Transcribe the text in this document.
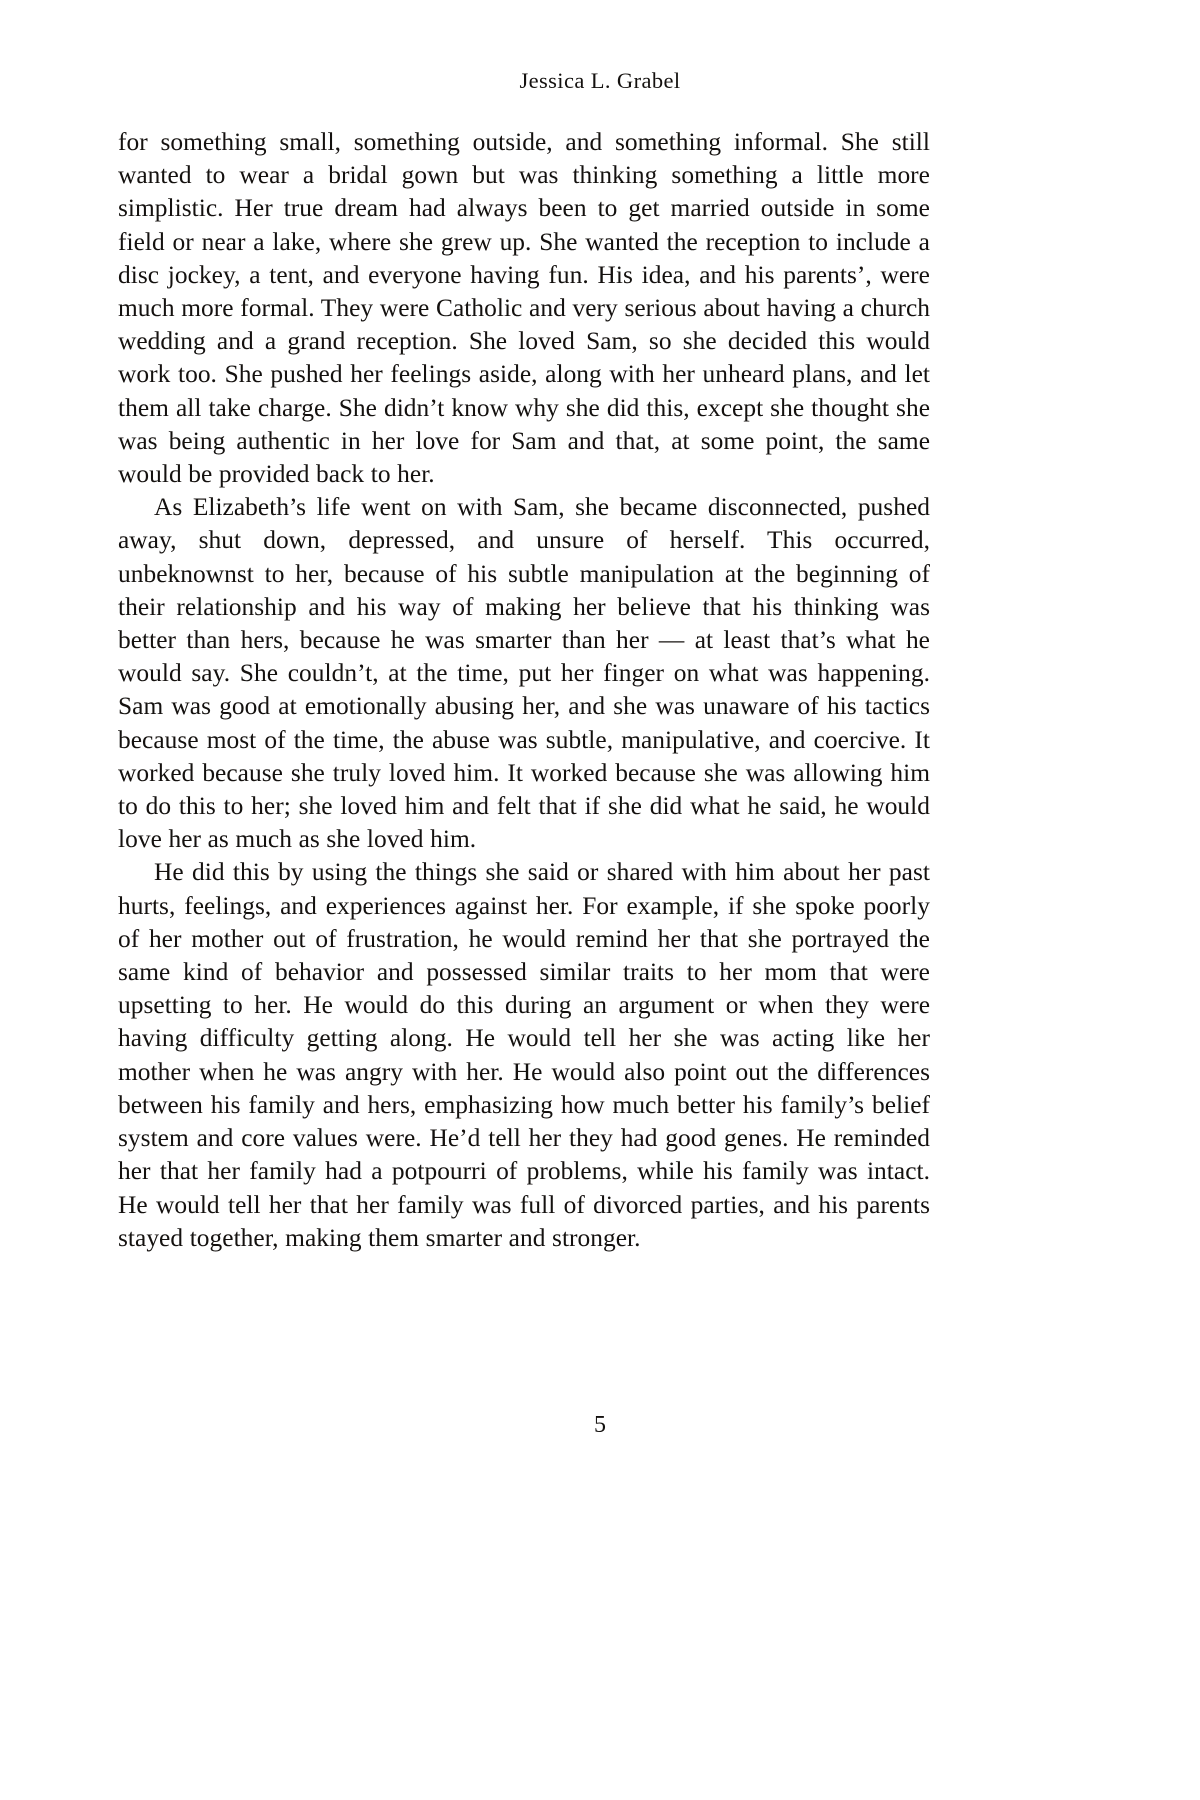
Jessica L. Grabel

for something small, something outside, and something informal. She still wanted to wear a bridal gown but was thinking something a little more simplistic. Her true dream had always been to get married outside in some field or near a lake, where she grew up. She wanted the reception to include a disc jockey, a tent, and everyone having fun. His idea, and his parents’, were much more formal. They were Catholic and very serious about having a church wedding and a grand reception. She loved Sam, so she decided this would work too. She pushed her feelings aside, along with her unheard plans, and let them all take charge. She didn’t know why she did this, except she thought she was being authentic in her love for Sam and that, at some point, the same would be provided back to her.

As Elizabeth’s life went on with Sam, she became disconnected, pushed away, shut down, depressed, and unsure of herself. This occurred, unbeknownst to her, because of his subtle manipulation at the beginning of their relationship and his way of making her believe that his thinking was better than hers, because he was smarter than her — at least that’s what he would say. She couldn’t, at the time, put her finger on what was happening. Sam was good at emotionally abusing her, and she was unaware of his tactics because most of the time, the abuse was subtle, manipulative, and coercive. It worked because she truly loved him. It worked because she was allowing him to do this to her; she loved him and felt that if she did what he said, he would love her as much as she loved him.

He did this by using the things she said or shared with him about her past hurts, feelings, and experiences against her. For example, if she spoke poorly of her mother out of frustration, he would remind her that she portrayed the same kind of behavior and possessed similar traits to her mom that were upsetting to her. He would do this during an argument or when they were having difficulty getting along. He would tell her she was acting like her mother when he was angry with her. He would also point out the differences between his family and hers, emphasizing how much better his family’s belief system and core values were. He’d tell her they had good genes. He reminded her that her family had a potpourri of problems, while his family was intact. He would tell her that her family was full of divorced parties, and his parents stayed together, making them smarter and stronger.

5
